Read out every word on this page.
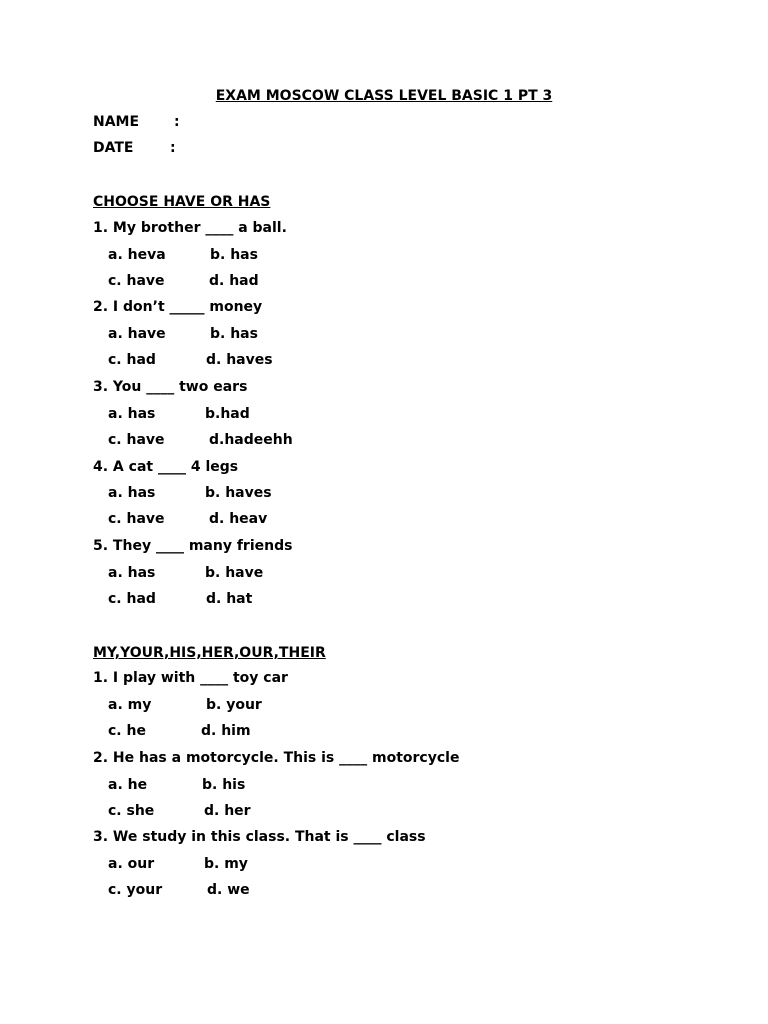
EXAM MOSCOW CLASS LEVEL BASIC 1 PT 3
NAME :
DATE	:
CHOOSE HAVE OR HAS
1. My brother ____ a ball.
a. heva	b. has
c. have	d. had
2. I don’t _____ money
a. have	b. has
c. had	d. haves
3. You ____ two ears
a. has	b.had
c. have	d.hadeehh
4. A cat ____ 4 legs
a. has	b. haves
c. have	d. heav
5. They ____ many friends
a. has	b. have
c. had	d. hat
MY,YOUR,HIS,HER,OUR,THEIR
1. I play with ____ toy car
a. my	b. your
c. he	d. him
2. He has a motorcycle. This is ____ motorcycle
a. he	b. his
c. she	d. her
3. We study in this class. That is ____ class
a. our	b. my
c. your	d. we
